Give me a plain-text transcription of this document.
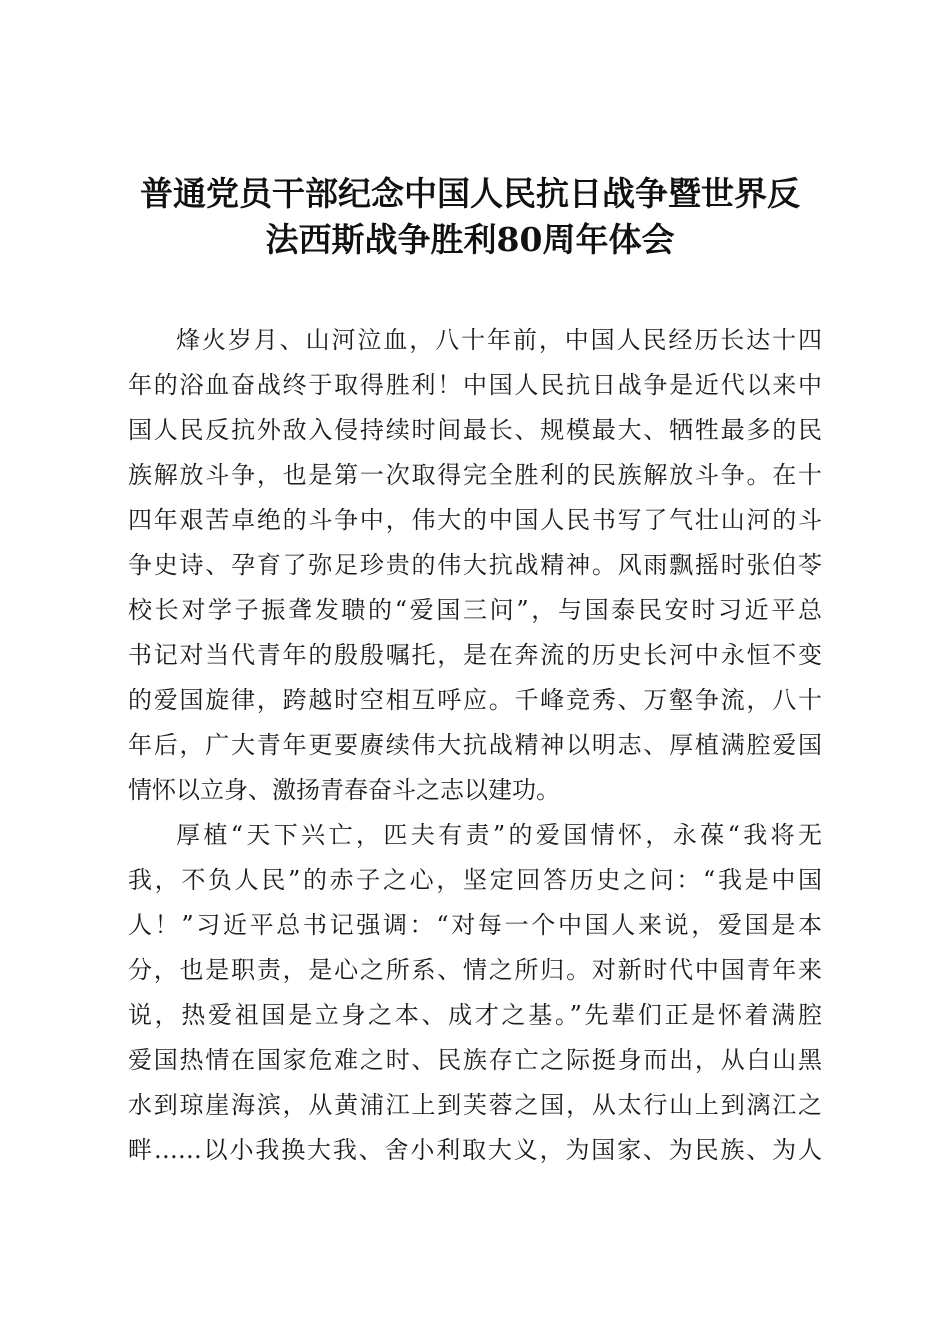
普通党员干部纪念中国人民抗日战争暨世界反
法西斯战争胜利80周年体会
烽火岁月、山河泣血，八十年前，中国人民经历长达十四
年的浴血奋战终于取得胜利！中国人民抗日战争是近代以来中
国人民反抗外敌入侵持续时间最长、规模最大、牺牲最多的民
族解放斗争，也是第一次取得完全胜利的民族解放斗争。在十
四年艰苦卓绝的斗争中，伟大的中国人民书写了气壮山河的斗
争史诗、孕育了弥足珍贵的伟大抗战精神。风雨飘摇时张伯苓
校长对学子振聋发聩的“爱国三问”，与国泰民安时习近平总
书记对当代青年的殷殷嘱托，是在奔流的历史长河中永恒不变
的爱国旋律，跨越时空相互呼应。千峰竞秀、万壑争流，八十
年后，广大青年更要赓续伟大抗战精神以明志、厚植满腔爱国
情怀以立身、激扬青春奋斗之志以建功。
厚植“天下兴亡，匹夫有责”的爱国情怀，永葆“我将无
我，不负人民”的赤子之心，坚定回答历史之问：“我是中国
人！”习近平总书记强调：“对每一个中国人来说，爱国是本
分，也是职责，是心之所系、情之所归。对新时代中国青年来
说，热爱祖国是立身之本、成才之基。”先辈们正是怀着满腔
爱国热情在国家危难之时、民族存亡之际挺身而出，从白山黑
水到琼崖海滨，从黄浦江上到芙蓉之国，从太行山上到漓江之
畔……以小我换大我、舍小利取大义，为国家、为民族、为人
